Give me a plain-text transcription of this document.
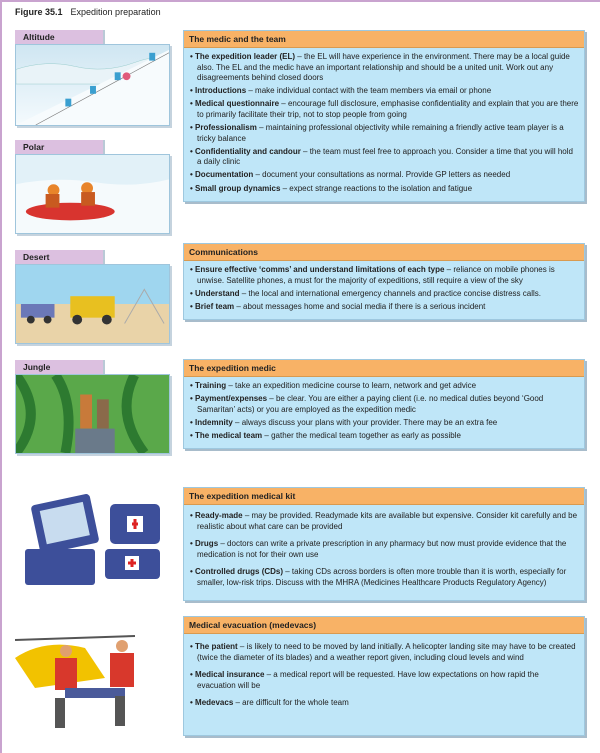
Figure 35.1 Expedition preparation
Altitude
Polar
Desert
Jungle
The medic and the team
• The expedition leader (EL) – the EL will have experience in the environment. There may be a local guide also. The EL and the medic have an important relationship and should be a united unit. Work out any disagreements behind closed doors
• Introductions – make individual contact with the team members via email or phone
• Medical questionnaire – encourage full disclosure, emphasise confidentiality and explain that you are there to primarily facilitate their trip, not to stop people from going
• Professionalism – maintaining professional objectivity while remaining a friendly active team player is a tricky balance
• Confidentiality and candour – the team must feel free to approach you. Consider a time that you will hold a daily clinic
• Documentation – document your consultations as normal. Provide GP letters as needed
• Small group dynamics – expect strange reactions to the isolation and fatigue
Communications
• Ensure effective ‘comms’ and understand limitations of each type – reliance on mobile phones is unwise. Satellite phones, a must for the majority of expeditions, still require a view of the sky
• Understand – the local and international emergency channels and practice concise distress calls.
• Brief team – about messages home and social media if there is a serious incident
The expedition medic
• Training – take an expedition medicine course to learn, network and get advice
• Payment/expenses – be clear. You are either a paying client (i.e. no medical duties beyond ‘Good Samaritan’ acts) or you are employed as the expedition medic
• Indemnity – always discuss your plans with your provider. There may be an extra fee
• The medical team – gather the medical team together as early as possible
The expedition medical kit
• Ready-made – may be provided. Readymade kits are available but expensive. Consider kit carefully and be realistic about what care can be provided
• Drugs – doctors can write a private prescription in any pharmacy but now must provide evidence that the medication is not for their own use
• Controlled drugs (CDs) – taking CDs across borders is often more trouble than it is worth, especially for smaller, low-risk trips. Discuss with the MHRA (Medicines Healthcare Products Regulatory Agency)
Medical evacuation (medevacs)
• The patient – is likely to need to be moved by land initially. A helicopter landing site may have to be created (twice the diameter of its blades) and a weather report given, including cloud levels and wind
• Medical insurance – a medical report will be requested. Have low expectations on how rapid the evacuation will be
• Medevacs – are difficult for the whole team
